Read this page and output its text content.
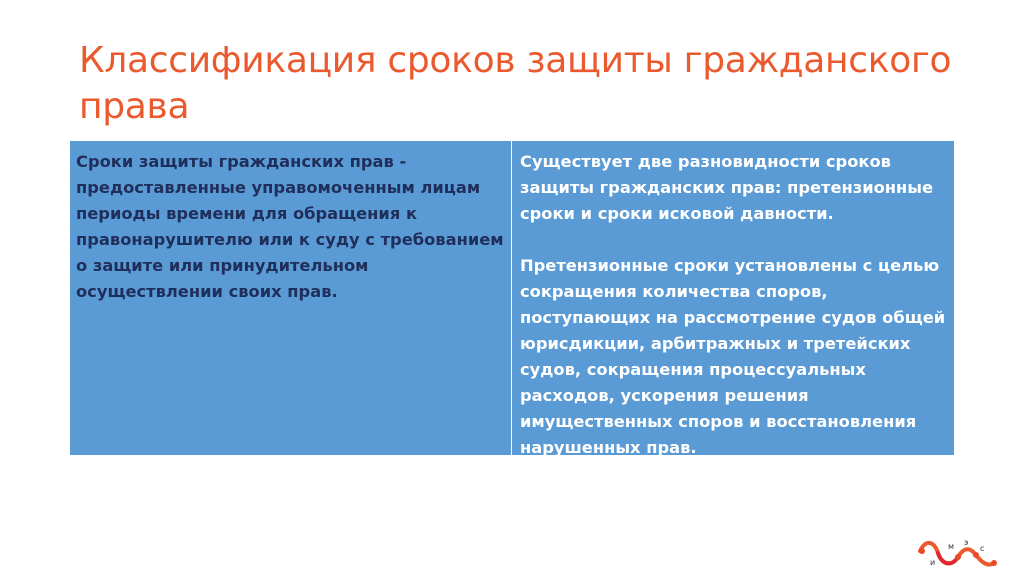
Классификация сроков защиты гражданского
права
Сроки защиты гражданских прав -
предоставленные управомоченным лицам
периоды времени для обращения к
правонарушителю или к суду с требованием
о защите или принудительном
осуществлении своих прав.
Существует две разновидности сроков
защиты гражданских прав: претензионные
сроки и сроки исковой давности.

Претензионные сроки установлены с целью
сокращения количества споров,
поступающих на рассмотрение судов общей
юрисдикции, арбитражных и третейских
судов, сокращения процессуальных
расходов, ускорения решения
имущественных споров и восстановления
нарушенных прав.
и
м э
с
